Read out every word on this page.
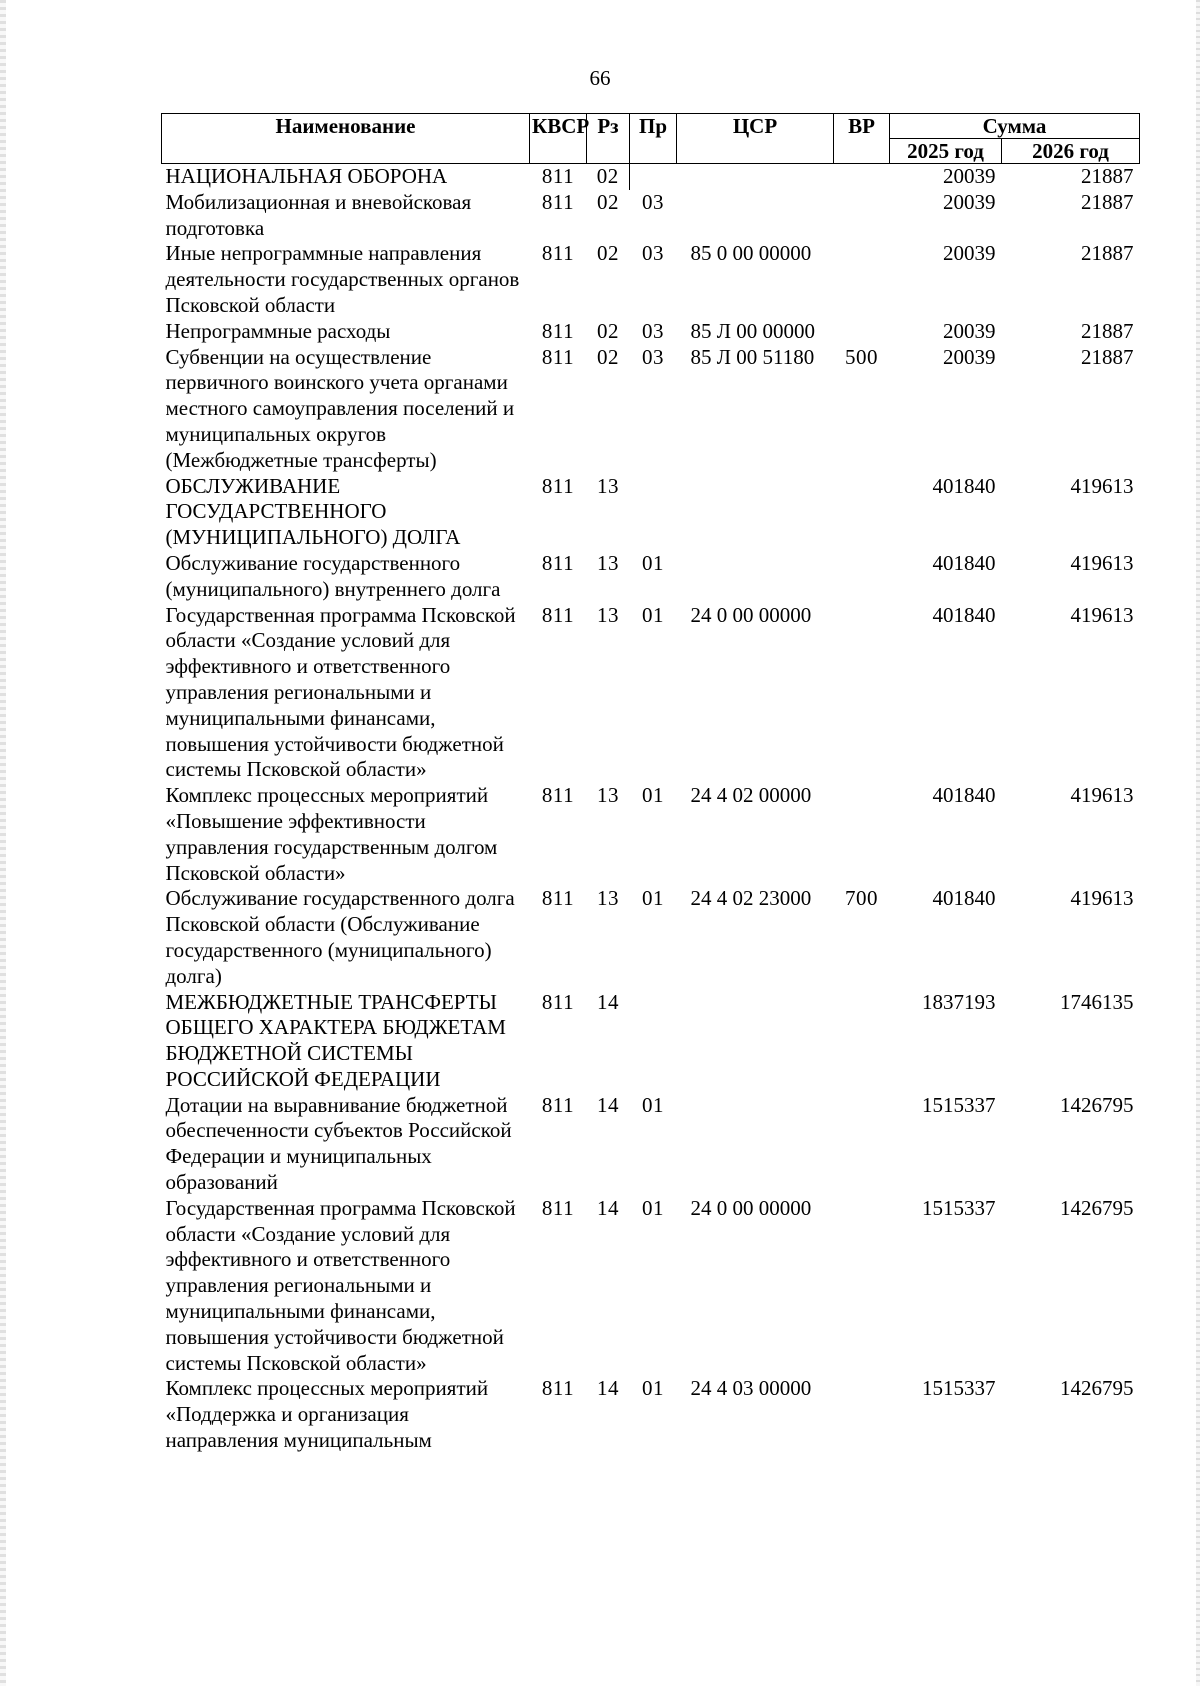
66
Наименование	КВСР	Рз	Пр	ЦСР	ВР	Сумма	
						2025 год	2026 год
НАЦИОНАЛЬНАЯ ОБОРОНА	811	02				20039	21887
Мобилизационная и вневойсковая подготовка	811	02	03			20039	21887
Иные непрограммные направления деятельности государственных органов Псковской области	811	02	03	85 0 00 00000		20039	21887
Непрограммные расходы	811	02	03	85 Л 00 00000		20039	21887
Субвенции на осуществление первичного воинского учета органами местного самоуправления поселений и муниципальных округов (Межбюджетные трансферты)	811	02	03	85 Л 00 51180	500	20039	21887
ОБСЛУЖИВАНИЕ ГОСУДАРСТВЕННОГО (МУНИЦИПАЛЬНОГО) ДОЛГА	811	13				401840	419613
Обслуживание государственного (муниципального) внутреннего долга	811	13	01			401840	419613
Государственная программа Псковской области «Создание условий для эффективного и ответственного управления региональными и муниципальными финансами, повышения устойчивости бюджетной системы Псковской области»	811	13	01	24 0 00 00000		401840	419613
Комплекс процессных мероприятий «Повышение эффективности управления государственным долгом Псковской области»	811	13	01	24 4 02 00000		401840	419613
Обслуживание государственного долга Псковской области (Обслуживание государственного (муниципального) долга)	811	13	01	24 4 02 23000	700	401840	419613
МЕЖБЮДЖЕТНЫЕ ТРАНСФЕРТЫ ОБЩЕГО ХАРАКТЕРА БЮДЖЕТАМ БЮДЖЕТНОЙ СИСТЕМЫ РОССИЙСКОЙ ФЕДЕРАЦИИ	811	14				1837193	1746135
Дотации на выравнивание бюджетной обеспеченности субъектов Российской Федерации и муниципальных образований	811	14	01			1515337	1426795
Государственная программа Псковской области «Создание условий для эффективного и ответственного управления региональными и муниципальными финансами, повышения устойчивости бюджетной системы Псковской области»	811	14	01	24 0 00 00000		1515337	1426795
Комплекс процессных мероприятий «Поддержка и организация направления муниципальным	811	14	01	24 4 03 00000		1515337	1426795
